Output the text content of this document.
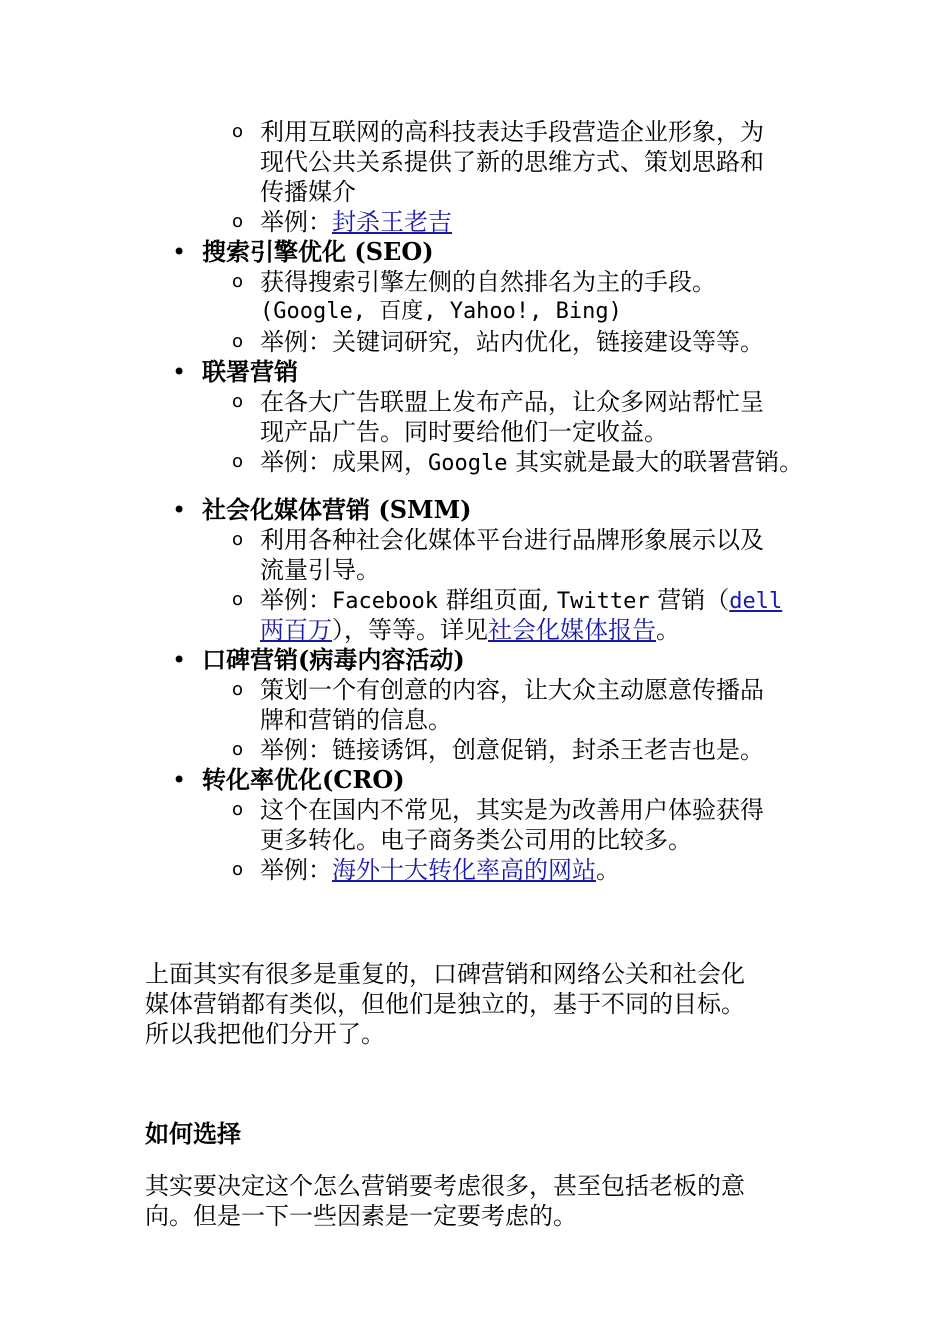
o 利用互联网的高科技表达手段营造企业形象，为
现代公共关系提供了新的思维方式、策划思路和
传播媒介
o 举例：封杀王老吉
• 搜索引擎优化 (SEO)
o 获得搜索引擎左侧的自然排名为主的手段。
(Google, 百度, Yahoo!, Bing)
o 举例：关键词研究，站内优化，链接建设等等。
• 联署营销
o 在各大广告联盟上发布产品，让众多网站帮忙呈
现产品广告。同时要给他们一定收益。
o 举例：成果网，Google 其实就是最大的联署营销。
• 社会化媒体营销 (SMM)
o 利用各种社会化媒体平台进行品牌形象展示以及
流量引导。
o 举例：Facebook 群组页面, Twitter 营销（dell
两百万），等等。详见社会化媒体报告。
• 口碑营销(病毒内容活动)
o 策划一个有创意的内容，让大众主动愿意传播品
牌和营销的信息。
o 举例：链接诱饵，创意促销，封杀王老吉也是。
• 转化率优化(CRO)
o 这个在国内不常见，其实是为改善用户体验获得
更多转化。电子商务类公司用的比较多。
o 举例：海外十大转化率高的网站。
上面其实有很多是重复的，口碑营销和网络公关和社会化
媒体营销都有类似，但他们是独立的，基于不同的目标。
所以我把他们分开了。
如何选择
其实要决定这个怎么营销要考虑很多，甚至包括老板的意
向。但是一下一些因素是一定要考虑的。
